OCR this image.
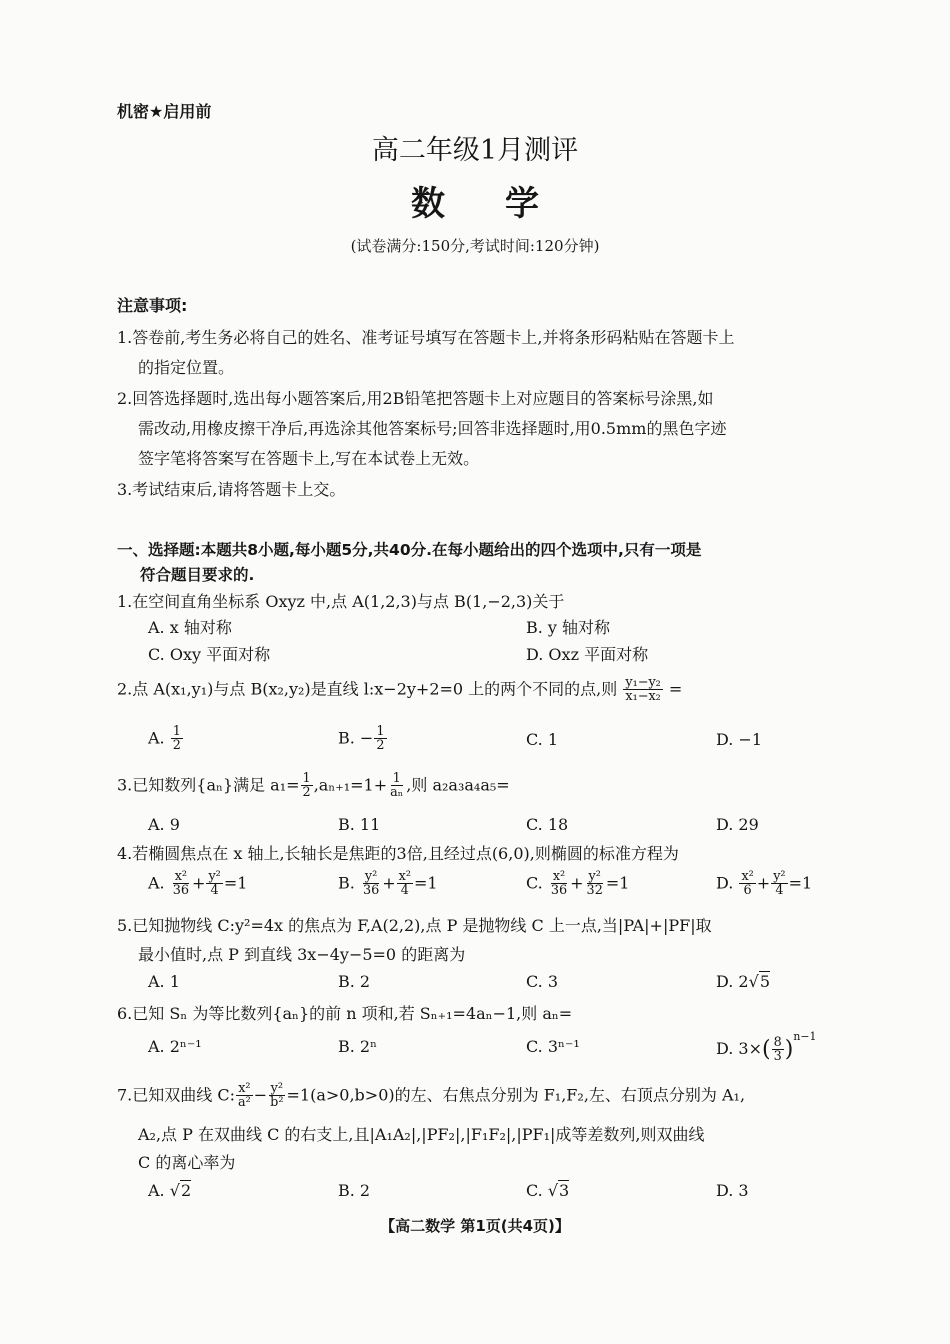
机密★启用前
高二年级1月测评
数学
(试卷满分:150分,考试时间:120分钟)
注意事项:
1.答卷前,考生务必将自己的姓名、准考证号填写在答题卡上,并将条形码粘贴在答题卡上
的指定位置。
2.回答选择题时,选出每小题答案后,用2B铅笔把答题卡上对应题目的答案标号涂黑,如
需改动,用橡皮擦干净后,再选涂其他答案标号;回答非选择题时,用0.5mm的黑色字迹
签字笔将答案写在答题卡上,写在本试卷上无效。
3.考试结束后,请将答题卡上交。
一、选择题:本题共8小题,每小题5分,共40分.在每小题给出的四个选项中,只有一项是
符合题目要求的.
1.在空间直角坐标系 Oxyz 中,点 A(1,2,3)与点 B(1,−2,3)关于
A. x 轴对称	B. y 轴对称
C. Oxy 平面对称	D. Oxz 平面对称
2.点 A(x₁,y₁)与点 B(x₂,y₂)是直线 l:x−2y+2=0 上的两个不同的点,则 $\frac{\text{y₁−y₂}}{\text{x₁−x₂}}$ =
A. $\frac{1}{2}$	B. − $\frac{1}{2}$	C. 1	D. −1
3.已知数列{aₙ}满足 $a_1= \frac{1}{2} ,a_{n+1}=1+ \frac{1}{\text{aₙ}}$ ,则 a₂a₃a₄a₅=
A. 9	B. 11	C. 18	D. 29
4.若椭圆焦点在 x 轴上,长轴长是焦距的3倍,且经过点(6,0),则椭圆的标准方程为
A. $\frac{\text{x²}}{36} + \frac{\text{y²}}{4} =1$	B. $\frac{\text{y²}}{36} + \frac{\text{x²}}{4} =1$	C. $\frac{\text{x²}}{36} + \frac{\text{y²}}{32} =1$	D. $\frac{\text{x²}}{6} + \frac{\text{y²}}{4} =1$
5.已知抛物线 C:y²=4x 的焦点为 F,A(2,2),点 P 是抛物线 C 上一点,当|PA|+|PF|取
最小值时,点 P 到直线 3x−4y−5=0 的距离为
A. 1	B. 2	C. 3	D. 2√5
6.已知 Sₙ 为等比数列{aₙ}的前 n 项和,若 Sₙ₊₁=4aₙ−1,则 aₙ=
A. 2ⁿ⁻¹	B. 2ⁿ	C. 3ⁿ⁻¹	D. $3\times( \frac{8}{3} )^{n-1}$
7.已知双曲线 C: $\frac{\text{x²}}{\text{a²}} - \frac{\text{y²}}{\text{b²}} =1(a>0,b>0)$的左、右焦点分别为 F₁,F₂,左、右顶点分别为 A₁,
A₂,点 P 在双曲线 C 的右支上,且|A₁A₂|,|PF₂|,|F₁F₂|,|PF₁|成等差数列,则双曲线
C 的离心率为
A. √2	B. 2	C. √3	D. 3
【高二数学 第1页(共4页)】
